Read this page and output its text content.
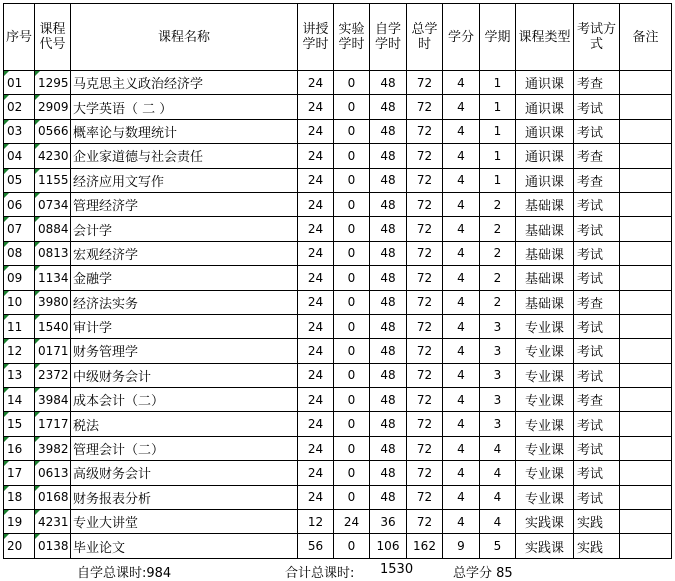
序号	课程代号	课程名称	讲授学时	实验学时	自学学时	总学时	学分	学期	课程类型	考试方式	备注

01	1295	马克思主义政治经济学	24	0	48	72	4	1	通识课	考查	

02	2909	大学英语（ 二 ）	24	0	48	72	4	1	通识课	考试	

03	0566	概率论与数理统计	24	0	48	72	4	1	通识课	考试	

04	4230	企业家道德与社会责任	24	0	48	72	4	1	通识课	考查	

05	1155	经济应用文写作	24	0	48	72	4	1	通识课	考查	

06	0734	管理经济学	24	0	48	72	4	2	基础课	考试	

07	0884	会计学	24	0	48	72	4	2	基础课	考试	

08	0813	宏观经济学	24	0	48	72	4	2	基础课	考试	

09	1134	金融学	24	0	48	72	4	2	基础课	考试	

10	3980	经济法实务	24	0	48	72	4	2	基础课	考查	

11	1540	审计学	24	0	48	72	4	3	专业课	考试	

12	0171	财务管理学	24	0	48	72	4	3	专业课	考试	

13	2372	中级财务会计	24	0	48	72	4	3	专业课	考试	

14	3984	成本会计（二）	24	0	48	72	4	3	专业课	考查	

15	1717	税法	24	0	48	72	4	3	专业课	考试	

16	3982	管理会计（二）	24	0	48	72	4	4	专业课	考试	

17	0613	高级财务会计	24	0	48	72	4	4	专业课	考试	

18	0168	财务报表分析	24	0	48	72	4	4	专业课	考试	

19	4231	专业大讲堂	12	24	36	72	4	4	实践课	实践	

20	0138	毕业论文	56	0	106	162	9	5	实践课	实践	
自学总课时:984	合计总课时: 1530	总学分 85
